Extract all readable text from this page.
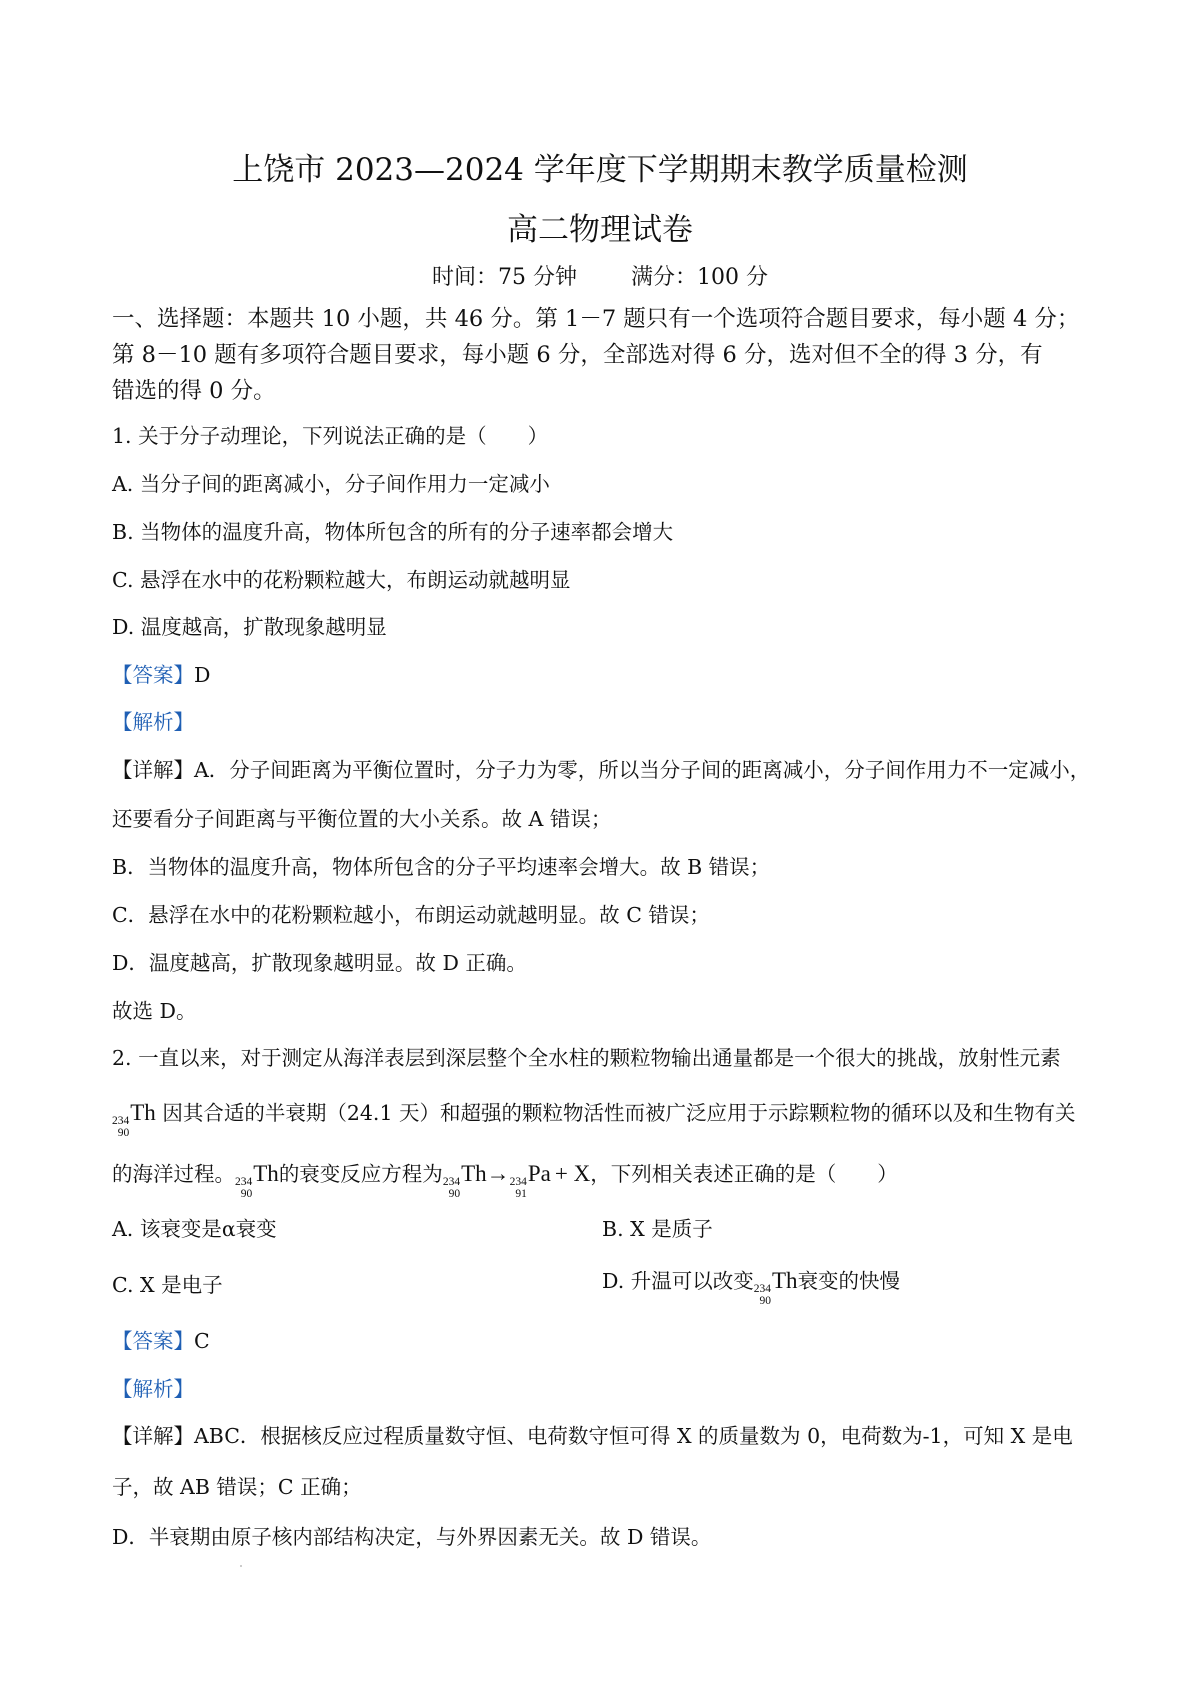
上饶市 2023—2024 学年度下学期期末教学质量检测
高二物理试卷
时间：75 分钟 满分：100 分
一、选择题：本题共 10 小题，共 46 分。第 1－7 题只有一个选项符合题目要求，每小题 4 分；
第 8－10 题有多项符合题目要求，每小题 6 分，全部选对得 6 分，选对但不全的得 3 分，有
错选的得 0 分。
1. 关于分子动理论，下列说法正确的是（　　）
A. 当分子间的距离减小，分子间作用力一定减小
B. 当物体的温度升高，物体所包含的所有的分子速率都会增大
C. 悬浮在水中的花粉颗粒越大，布朗运动就越明显
D. 温度越高，扩散现象越明显
【答案】D
【解析】
【详解】A．分子间距离为平衡位置时，分子力为零，所以当分子间的距离减小，分子间作用力不一定减小，
还要看分子间距离与平衡位置的大小关系。故 A 错误；
B．当物体的温度升高，物体所包含的分子平均速率会增大。故 B 错误；
C．悬浮在水中的花粉颗粒越小，布朗运动就越明显。故 C 错误；
D．温度越高，扩散现象越明显。故 D 正确。
故选 D。
2. 一直以来，对于测定从海洋表层到深层整个全水柱的颗粒物输出通量都是一个很大的挑战，放射性元素
234
90
Th 因其合适的半衰期（24.1 天）和超强的颗粒物活性而被广泛应用于示踪颗粒物的循环以及和生物有关
的海洋过程。 234
90
Th的衰变反应方程为 234
90
Th→ 234
91
Pa + X，下列相关表述正确的是（　　）
A. 该衰变是α衰变	B. X 是质子
C. X 是电子	D. 升温可以改变 234
90
Th衰变的快慢
【答案】C
【解析】
【详解】ABC．根据核反应过程质量数守恒、电荷数守恒可得 X 的质量数为 0，电荷数为-1，可知 X 是电
子，故 AB 错误；C 正确；
D．半衰期由原子核内部结构决定，与外界因素无关。故 D 错误。
